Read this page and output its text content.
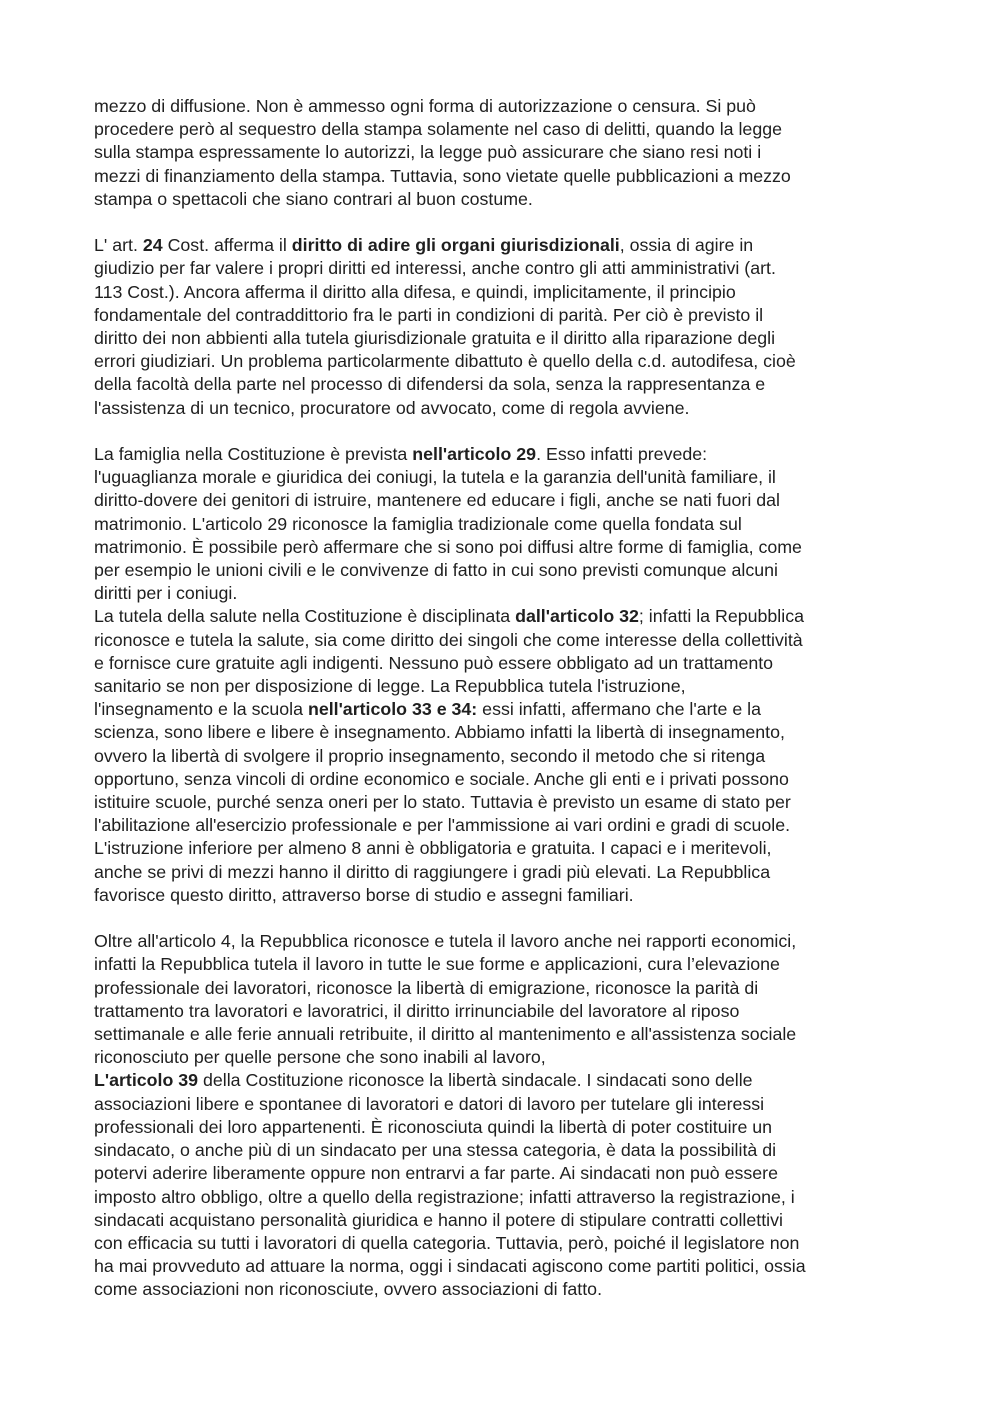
mezzo di diffusione. Non è ammesso ogni forma di autorizzazione o censura. Si può
procedere però al sequestro della stampa solamente nel caso di delitti, quando la legge
sulla stampa espressamente lo autorizzi, la legge può assicurare che siano resi noti i
mezzi di finanziamento della stampa. Tuttavia, sono vietate quelle pubblicazioni a mezzo
stampa o spettacoli che siano contrari al buon costume.
L' art. 24 Cost. afferma il diritto di adire gli organi giurisdizionali, ossia di agire in
giudizio per far valere i propri diritti ed interessi, anche contro gli atti amministrativi (art.
113 Cost.). Ancora afferma il diritto alla difesa, e quindi, implicitamente, il principio
fondamentale del contraddittorio fra le parti in condizioni di parità. Per ciò è previsto il
diritto dei non abbienti alla tutela giurisdizionale gratuita e il diritto alla riparazione degli
errori giudiziari. Un problema particolarmente dibattuto è quello della c.d. autodifesa, cioè
della facoltà della parte nel processo di difendersi da sola, senza la rappresentanza e
l'assistenza di un tecnico, procuratore od avvocato, come di regola avviene.
La famiglia nella Costituzione è prevista nell'articolo 29. Esso infatti prevede:
l'uguaglianza morale e giuridica dei coniugi, la tutela e la garanzia dell'unità familiare, il
diritto-dovere dei genitori di istruire, mantenere ed educare i figli, anche se nati fuori dal
matrimonio. L'articolo 29 riconosce la famiglia tradizionale come quella fondata sul
matrimonio. È possibile però affermare che si sono poi diffusi altre forme di famiglia, come
per esempio le unioni civili e le convivenze di fatto in cui sono previsti comunque alcuni
diritti per i coniugi.
La tutela della salute nella Costituzione è disciplinata dall'articolo 32; infatti la Repubblica
riconosce e tutela la salute, sia come diritto dei singoli che come interesse della collettività
e fornisce cure gratuite agli indigenti. Nessuno può essere obbligato ad un trattamento
sanitario se non per disposizione di legge. La Repubblica tutela l'istruzione,
l'insegnamento e la scuola nell'articolo 33 e 34: essi infatti, affermano che l'arte e la
scienza, sono libere e libere è insegnamento. Abbiamo infatti la libertà di insegnamento,
ovvero la libertà di svolgere il proprio insegnamento, secondo il metodo che si ritenga
opportuno, senza vincoli di ordine economico e sociale. Anche gli enti e i privati possono
istituire scuole, purché senza oneri per lo stato. Tuttavia è previsto un esame di stato per
l'abilitazione all'esercizio professionale e per l'ammissione ai vari ordini e gradi di scuole.
L'istruzione inferiore per almeno 8 anni è obbligatoria e gratuita. I capaci e i meritevoli,
anche se privi di mezzi hanno il diritto di raggiungere i gradi più elevati. La Repubblica
favorisce questo diritto, attraverso borse di studio e assegni familiari.
Oltre all'articolo 4, la Repubblica riconosce e tutela il lavoro anche nei rapporti economici,
infatti la Repubblica tutela il lavoro in tutte le sue forme e applicazioni, cura l’elevazione
professionale dei lavoratori, riconosce la libertà di emigrazione, riconosce la parità di
trattamento tra lavoratori e lavoratrici, il diritto irrinunciabile del lavoratore al riposo
settimanale e alle ferie annuali retribuite, il diritto al mantenimento e all'assistenza sociale
riconosciuto per quelle persone che sono inabili al lavoro,
L'articolo 39 della Costituzione riconosce la libertà sindacale. I sindacati sono delle
associazioni libere e spontanee di lavoratori e datori di lavoro per tutelare gli interessi
professionali dei loro appartenenti. È riconosciuta quindi la libertà di poter costituire un
sindacato, o anche più di un sindacato per una stessa categoria, è data la possibilità di
potervi aderire liberamente oppure non entrarvi a far parte. Ai sindacati non può essere
imposto altro obbligo, oltre a quello della registrazione; infatti attraverso la registrazione, i
sindacati acquistano personalità giuridica e hanno il potere di stipulare contratti collettivi
con efficacia su tutti i lavoratori di quella categoria. Tuttavia, però, poiché il legislatore non
ha mai provveduto ad attuare la norma, oggi i sindacati agiscono come partiti politici, ossia
come associazioni non riconosciute, ovvero associazioni di fatto.
